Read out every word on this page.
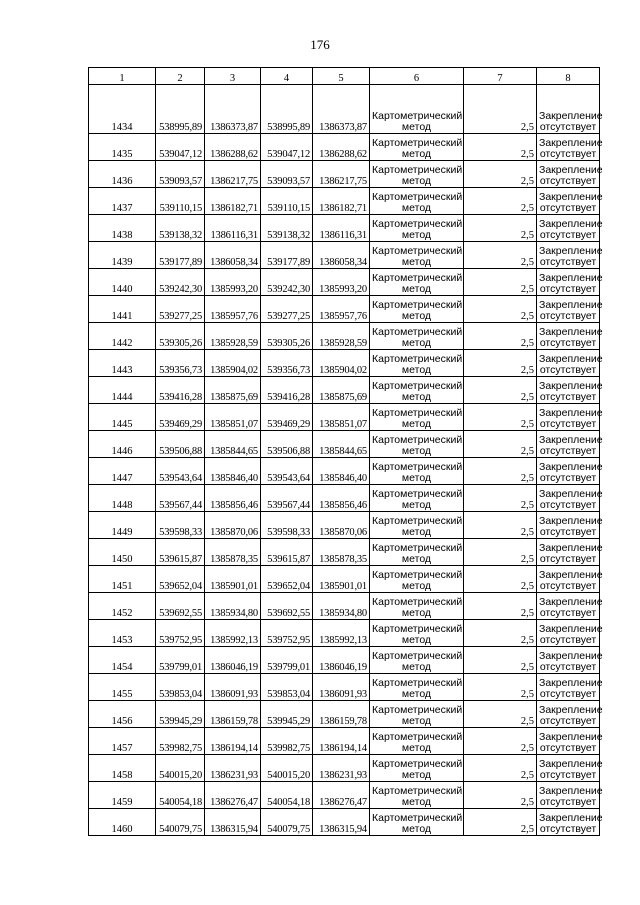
176
1	2	3	4	5	6	7	8
1434	538995,89	1386373,87	538995,89	1386373,87	Картометрический метод	2,5	Закрепление отсутствует
1435	539047,12	1386288,62	539047,12	1386288,62	Картометрический метод	2,5	Закрепление отсутствует
1436	539093,57	1386217,75	539093,57	1386217,75	Картометрический метод	2,5	Закрепление отсутствует
1437	539110,15	1386182,71	539110,15	1386182,71	Картометрический метод	2,5	Закрепление отсутствует
1438	539138,32	1386116,31	539138,32	1386116,31	Картометрический метод	2,5	Закрепление отсутствует
1439	539177,89	1386058,34	539177,89	1386058,34	Картометрический метод	2,5	Закрепление отсутствует
1440	539242,30	1385993,20	539242,30	1385993,20	Картометрический метод	2,5	Закрепление отсутствует
1441	539277,25	1385957,76	539277,25	1385957,76	Картометрический метод	2,5	Закрепление отсутствует
1442	539305,26	1385928,59	539305,26	1385928,59	Картометрический метод	2,5	Закрепление отсутствует
1443	539356,73	1385904,02	539356,73	1385904,02	Картометрический метод	2,5	Закрепление отсутствует
1444	539416,28	1385875,69	539416,28	1385875,69	Картометрический метод	2,5	Закрепление отсутствует
1445	539469,29	1385851,07	539469,29	1385851,07	Картометрический метод	2,5	Закрепление отсутствует
1446	539506,88	1385844,65	539506,88	1385844,65	Картометрический метод	2,5	Закрепление отсутствует
1447	539543,64	1385846,40	539543,64	1385846,40	Картометрический метод	2,5	Закрепление отсутствует
1448	539567,44	1385856,46	539567,44	1385856,46	Картометрический метод	2,5	Закрепление отсутствует
1449	539598,33	1385870,06	539598,33	1385870,06	Картометрический метод	2,5	Закрепление отсутствует
1450	539615,87	1385878,35	539615,87	1385878,35	Картометрический метод	2,5	Закрепление отсутствует
1451	539652,04	1385901,01	539652,04	1385901,01	Картометрический метод	2,5	Закрепление отсутствует
1452	539692,55	1385934,80	539692,55	1385934,80	Картометрический метод	2,5	Закрепление отсутствует
1453	539752,95	1385992,13	539752,95	1385992,13	Картометрический метод	2,5	Закрепление отсутствует
1454	539799,01	1386046,19	539799,01	1386046,19	Картометрический метод	2,5	Закрепление отсутствует
1455	539853,04	1386091,93	539853,04	1386091,93	Картометрический метод	2,5	Закрепление отсутствует
1456	539945,29	1386159,78	539945,29	1386159,78	Картометрический метод	2,5	Закрепление отсутствует
1457	539982,75	1386194,14	539982,75	1386194,14	Картометрический метод	2,5	Закрепление отсутствует
1458	540015,20	1386231,93	540015,20	1386231,93	Картометрический метод	2,5	Закрепление отсутствует
1459	540054,18	1386276,47	540054,18	1386276,47	Картометрический метод	2,5	Закрепление отсутствует
1460	540079,75	1386315,94	540079,75	1386315,94	Картометрический метод	2,5	Закрепление отсутствует
